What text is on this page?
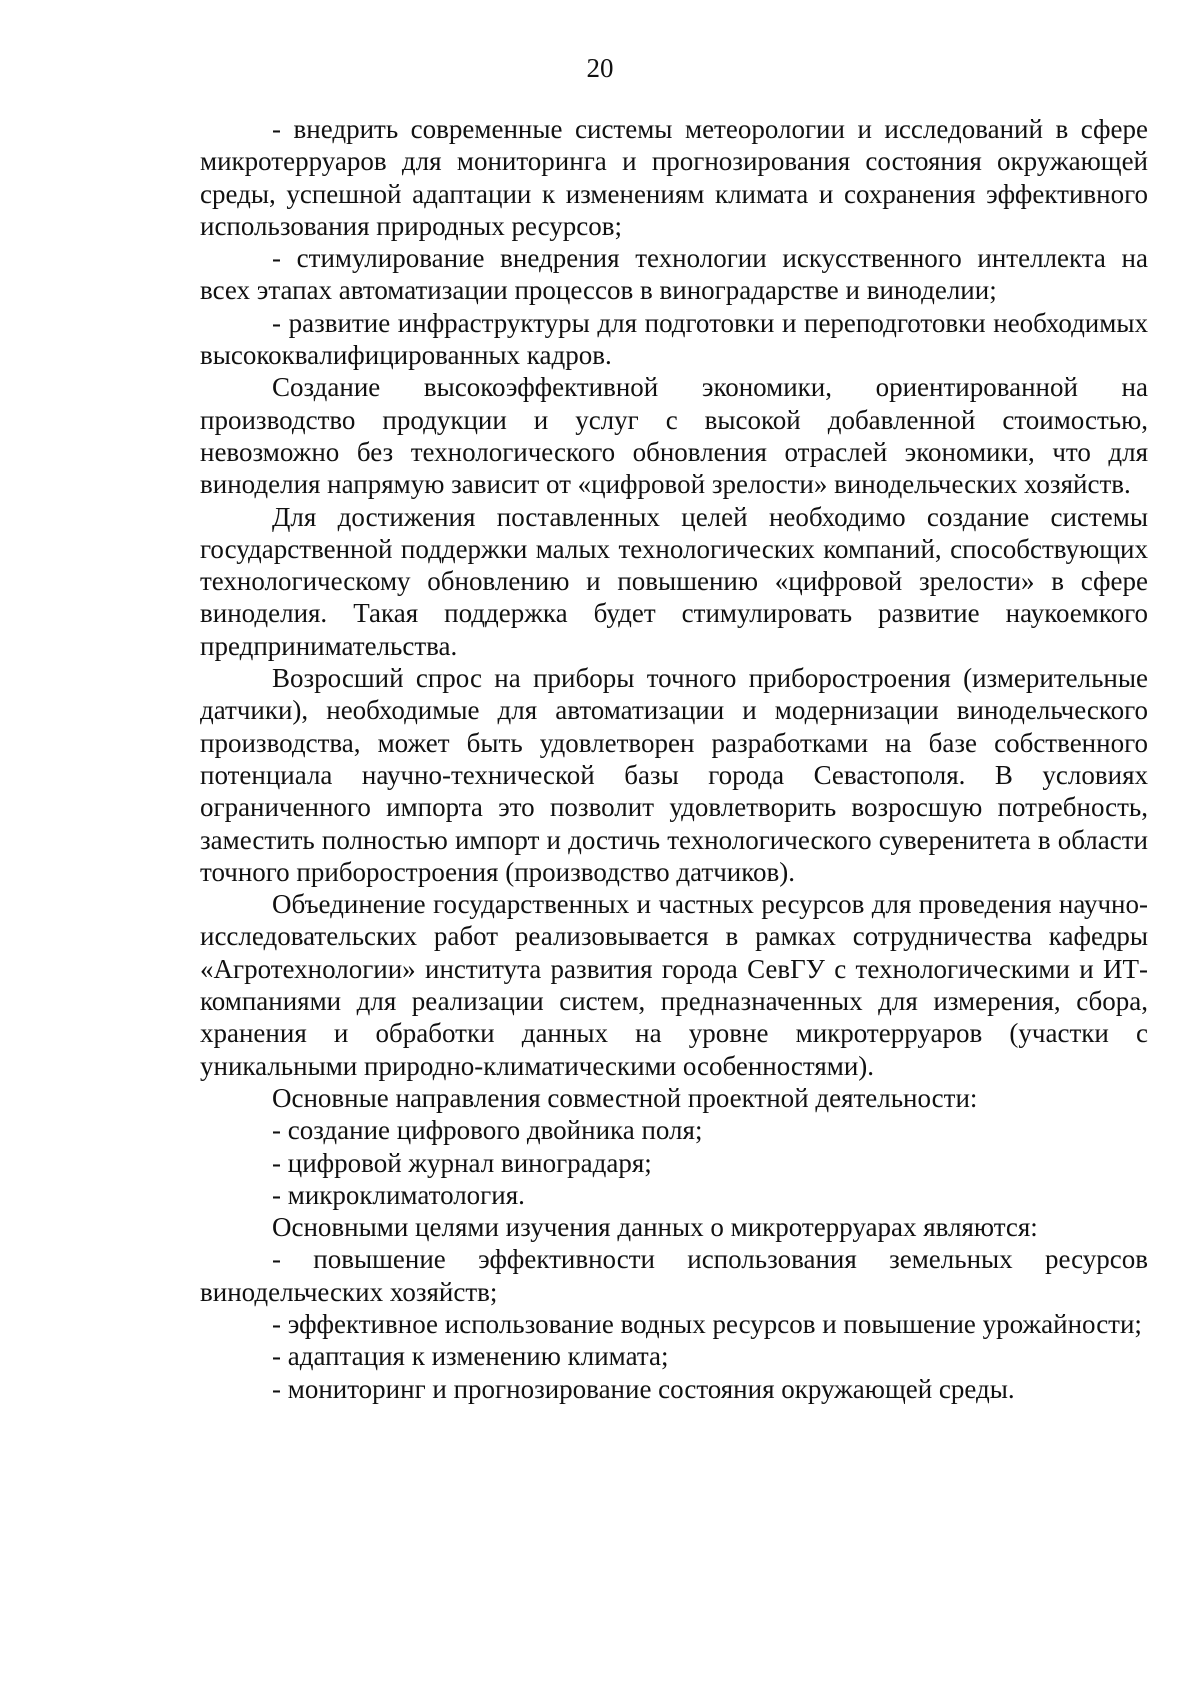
20

- внедрить современные системы метеорологии и исследований в сфере микротерруаров для мониторинга и прогнозирования состояния окружающей среды, успешной адаптации к изменениям климата и сохранения эффективного использования природных ресурсов;

- стимулирование внедрения технологии искусственного интеллекта на всех этапах автоматизации процессов в виноградарстве и виноделии;

- развитие инфраструктуры для подготовки и переподготовки необходимых высококвалифицированных кадров.

Создание высокоэффективной экономики, ориентированной на производство продукции и услуг с высокой добавленной стоимостью, невозможно без технологического обновления отраслей экономики, что для виноделия напрямую зависит от «цифровой зрелости» винодельческих хозяйств.

Для достижения поставленных целей необходимо создание системы государственной поддержки малых технологических компаний, способствующих технологическому обновлению и повышению «цифровой зрелости» в сфере виноделия. Такая поддержка будет стимулировать развитие наукоемкого предпринимательства.

Возросший спрос на приборы точного приборостроения (измерительные датчики), необходимые для автоматизации и модернизации винодельческого производства, может быть удовлетворен разработками на базе собственного потенциала научно-технической базы города Севастополя. В условиях ограниченного импорта это позволит удовлетворить возросшую потребность, заместить полностью импорт и достичь технологического суверенитета в области точного приборостроения (производство датчиков).

Объединение государственных и частных ресурсов для проведения научно-исследовательских работ реализовывается в рамках сотрудничества кафедры «Агротехнологии» института развития города СевГУ с технологическими и ИТ-компаниями для реализации систем, предназначенных для измерения, сбора, хранения и обработки данных на уровне микротерруаров (участки с уникальными природно-климатическими особенностями).

Основные направления совместной проектной деятельности:

- создание цифрового двойника поля;

- цифровой журнал виноградаря;

- микроклиматология.

Основными целями изучения данных о микротерруарах являются:

- повышение эффективности использования земельных ресурсов винодельческих хозяйств;

- эффективное использование водных ресурсов и повышение урожайности;

- адаптация к изменению климата;

- мониторинг и прогнозирование состояния окружающей среды.
